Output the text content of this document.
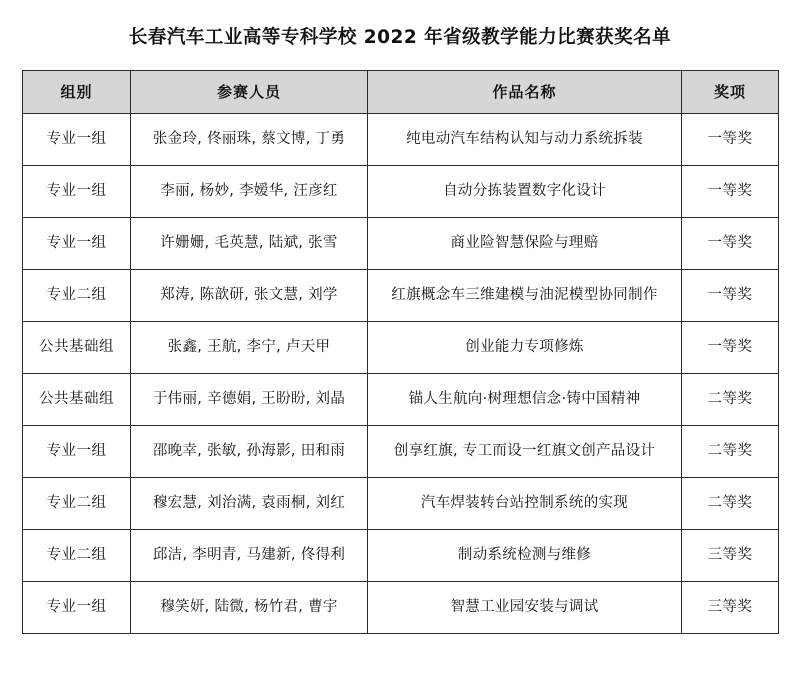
长春汽车工业高等专科学校 2022 年省级教学能力比赛获奖名单
组别	参赛人员	作品名称	奖项
专业一组	张金玲, 佟丽珠, 蔡文博, 丁勇	纯电动汽车结构认知与动力系统拆装	一等奖
专业一组	李丽, 杨妙, 李嫒华, 汪彦红	自动分拣装置数字化设计	一等奖
专业一组	许姗姗, 毛英慧, 陆斌, 张雪	商业险智慧保险与理赔	一等奖
专业二组	郑涛, 陈歆研, 张文慧, 刘学	红旗概念车三维建模与油泥模型协同制作	一等奖
公共基础组	张鑫, 王航, 李宁, 卢天甲	创业能力专项修炼	一等奖
公共基础组	于伟丽, 辛德娟, 王盼盼, 刘晶	锚人生航向·树理想信念·铸中国精神	二等奖
专业一组	邵晚幸, 张敏, 孙海影, 田和雨	创享红旗, 专工而设一红旗文创产品设计	二等奖
专业二组	穆宏慧, 刘治满, 袁雨桐, 刘红	汽车焊装转台站控制系统的实现	二等奖
专业二组	邱洁, 李明青, 马建新, 佟得利	制动系统检测与维修	三等奖
专业一组	穆笑妍, 陆微, 杨竹君, 曹宇	智慧工业园安装与调试	三等奖
